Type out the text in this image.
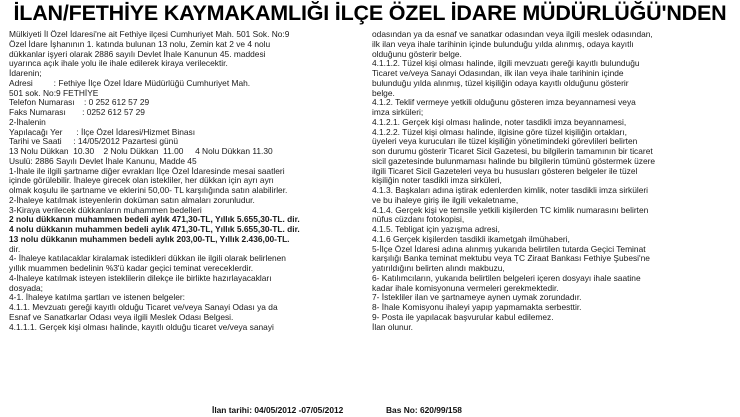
İLAN/FETHİYE KAYMAKAMLIĞI İLÇE ÖZEL İDARE MÜDÜRLÜĞÜ'NDEN

Mülkiyeti İl Özel İdaresi'ne ait Fethiye ilçesi Cumhuriyet Mah. 501 Sok. No:9

Özel İdare İşhanının 1. katında bulunan 13 nolu, Zemin kat 2 ve 4 nolu

dükkanlar işyeri olarak 2886 sayılı Devlet İhale Kanunun 45. maddesi

uyarınca açık ihale yolu ile ihale edilerek kiraya verilecektir.

İdarenin;

Adresi         : Fethiye İlçe Özel İdare Müdürlüğü Cumhuriyet Mah.

501 sok. No:9 FETHİYE

Telefon Numarası    : 0 252 612 57 29

Faks Numarası       : 0252 612 57 29

2-İhalenin

Yapılacağı Yer      : İlçe Özel İdaresi/Hizmet Binası

Tarihi ve Saati     : 14/05/2012 Pazartesi günü

13 Nolu Dükkan  10.30    2 Nolu Dükkan  11.00     4 Nolu Dükkan 11.30

Usulü: 2886 Sayılı Devlet İhale Kanunu, Madde 45

1-İhale ile ilgili şartname diğer evrakları İlçe Özel İdaresinde mesai saatleri

içinde görülebilir. İhaleye girecek olan istekliler, her dükkan için ayrı ayrı

olmak koşulu ile şartname ve eklerini 50,00- TL karşılığında satın alabilirler.

2-İhaleye katılmak isteyenlerin doküman satın almaları zorunludur.

3-Kiraya verilecek dükkanların muhammen bedelleri

2 nolu dükkanın muhammen bedeli aylık 471,30-TL, Yıllık 5.655,30-TL. dir.

4 nolu dükkanın muhammen bedeli aylık 471,30-TL, Yıllık 5.655,30-TL. dir.

13 nolu dükkanın muhammen bedeli aylık 203,00-TL, Yıllık 2.436,00-TL.

dir.

4- İhaleye katılacaklar kiralamak istedikleri dükkan ile ilgili olarak belirlenen

yıllık muammen bedelinin %3'ü kadar geçici teminat vereceklerdir.

4-İhaleye katılmak isteyen isteklilerin dilekçe ile birlikte hazırlayacakları

dosyada;

4-1. İhaleye katılma şartları ve istenen belgeler:

4.1.1. Mevzuatı gereği kayıtlı olduğu Ticaret ve/veya Sanayi Odası ya da

Esnaf ve Sanatkarlar Odası veya ilgili Meslek Odası Belgesi.

4.1.1.1. Gerçek kişi olması halinde, kayıtlı olduğu ticaret ve/veya sanayi

odasından ya da esnaf ve sanatkar odasından veya ilgili meslek odasından,

ilk ilan veya ihale tarihinin içinde bulunduğu yılda alınmış, odaya kayıtlı

olduğunu gösterir belge.

4.1.1.2. Tüzel kişi olması halinde, ilgili mevzuatı gereği kayıtlı bulunduğu

Ticaret ve/veya Sanayi Odasından, ilk ilan veya ihale tarihinin içinde

bulunduğu yılda alınmış, tüzel kişiliğin odaya kayıtlı olduğunu gösterir

belge.

4.1.2. Teklif vermeye yetkili olduğunu gösteren imza beyannamesi veya

imza sirküleri;

4.1.2.1. Gerçek kişi olması halinde, noter tasdikli imza beyannamesi,

4.1.2.2. Tüzel kişi olması halinde, ilgisine göre tüzel kişiliğin ortakları,

üyeleri veya kurucuları ile tüzel kişiliğin yönetimindeki görevlileri belirten

son durumu gösterir Ticaret Sicil Gazetesi, bu bilgilerin tamamının bir ticaret

sicil gazetesinde bulunmaması halinde bu bilgilerin tümünü göstermek üzere

ilgili Ticaret Sicil Gazeteleri veya bu hususları gösteren belgeler ile tüzel

kişiliğin noter tasdikli imza sirküleri,

4.1.3. Başkaları adına iştirak edenlerden kimlik, noter tasdikli imza sirküleri

ve bu ihaleye giriş ile ilgili vekaletname,

4.1.4. Gerçek kişi ve temsile yetkili kişilerden TC kimlik numarasını belirten

nüfus cüzdanı fotokopisi,

4.1.5. Tebligat için yazışma adresi,

4.1.6 Gerçek kişilerden tasdikli ikametgah ilmühaberi,

5-İlçe Özel İdaresi adına alınmış yukarıda belirtilen tutarda Geçici Teminat

karşılığı Banka teminat mektubu veya TC Ziraat Bankası Fethiye Şubesi'ne

yatırıldığını belirten alındı makbuzu,

6- Katılımcıların, yukarıda belirtilen belgeleri içeren dosyayı ihale saatine

kadar ihale komisyonuna vermeleri gerekmektedir.

7- İstekliler ilan ve şartnameye aynen uymak zorundadır.

8- İhale Komisyonu ihaleyi yapıp yapmamakta serbesttir.

9- Posta ile yapılacak başvurular kabul edilemez.

İlan olunur.

İlan tarihi: 04/05/2012 -07/05/2012	Bas No: 620/99/158
